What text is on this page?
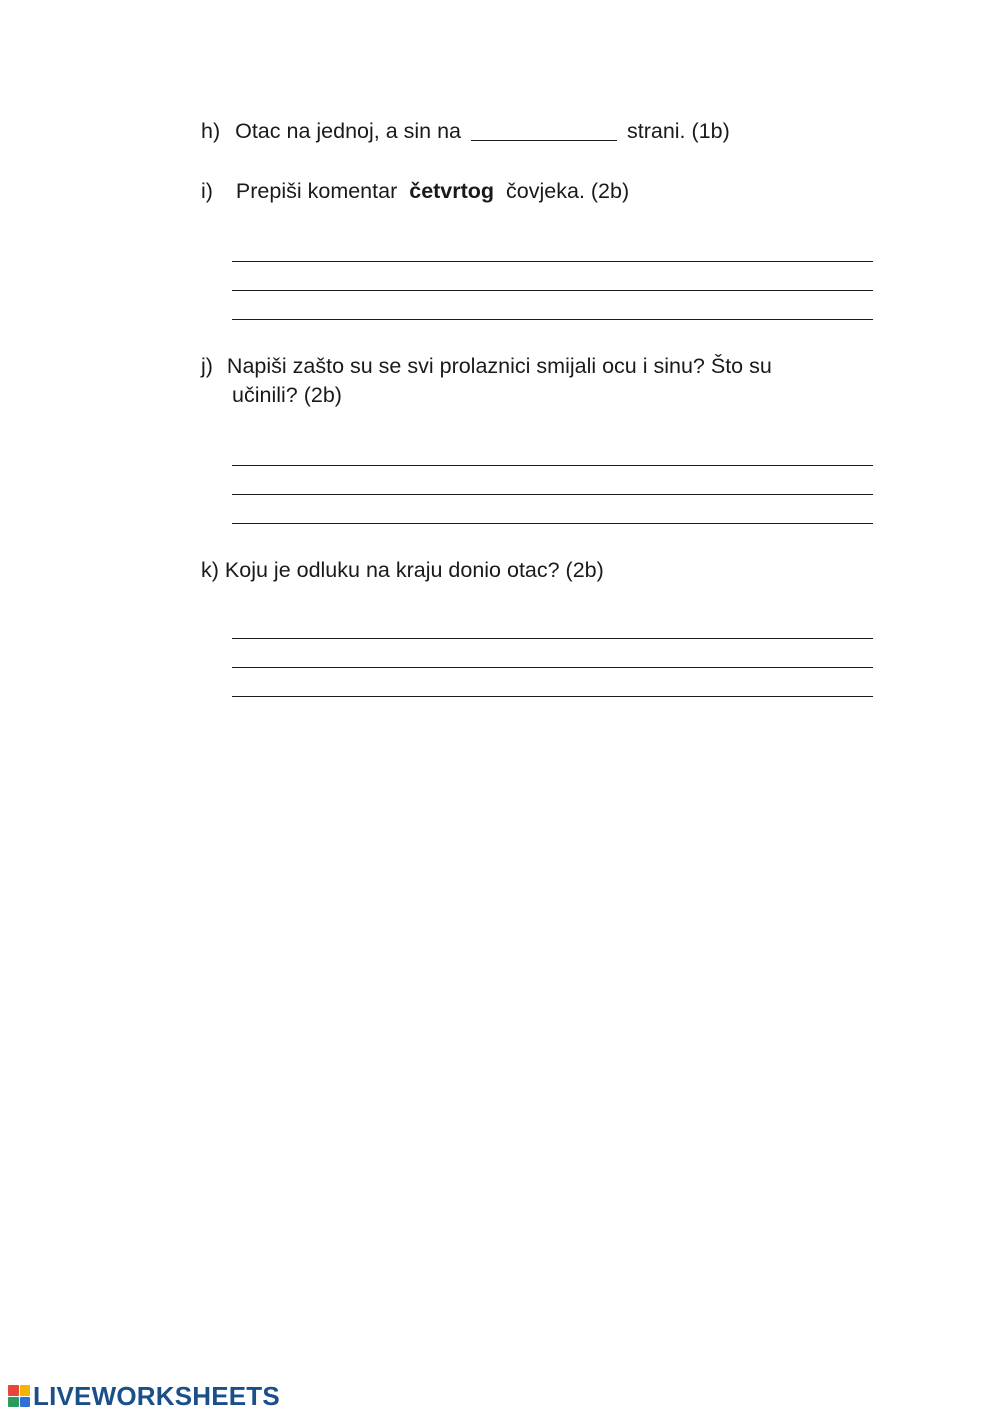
h) Otac na jednoj, a sin na	strani. (1b)
i) Prepiši komentar četvrtog čovjeka. (2b)
j) Napiši zašto su se svi prolaznici smijali ocu i sinu? Što su
učinili? (2b)
k) Koju je odluku na kraju donio otac? (2b)
LIVEWORKSHEETS
